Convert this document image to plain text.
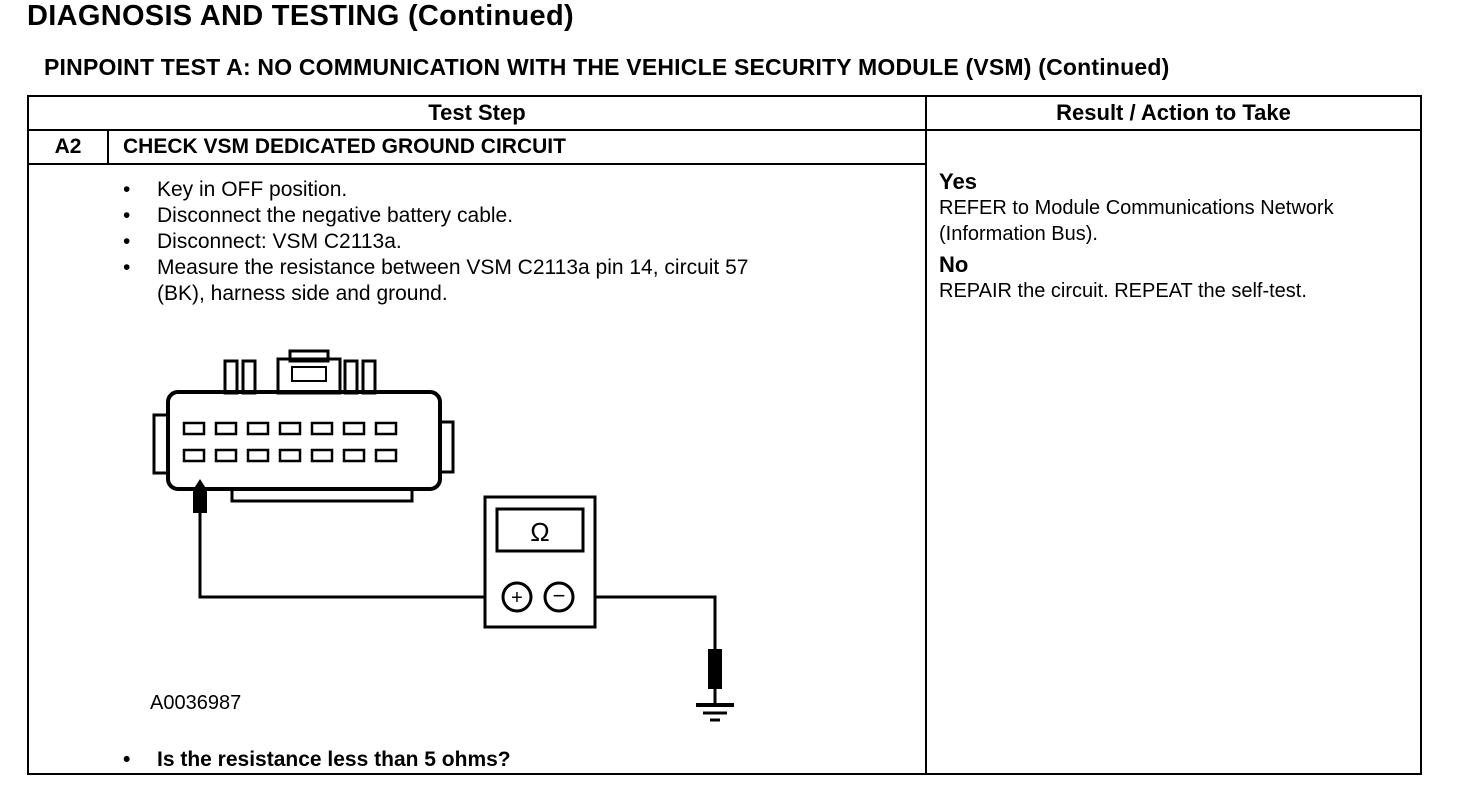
DIAGNOSIS AND TESTING (Continued)
PINPOINT TEST A: NO COMMUNICATION WITH THE VEHICLE SECURITY MODULE (VSM) (Continued)
Test Step	Result / Action to Take
A2	CHECK VSM DEDICATED GROUND CIRCUIT
• Key in OFF position.
• Disconnect the negative battery cable.
• Disconnect: VSM C2113a.
• Measure the resistance between VSM C2113a pin 14, circuit 57 (BK), harness side and ground.
Ω
+ −
A0036987
• Is the resistance less than 5 ohms?
Yes
REFER to Module Communications Network (Information Bus).
No
REPAIR the circuit. REPEAT the self-test.
